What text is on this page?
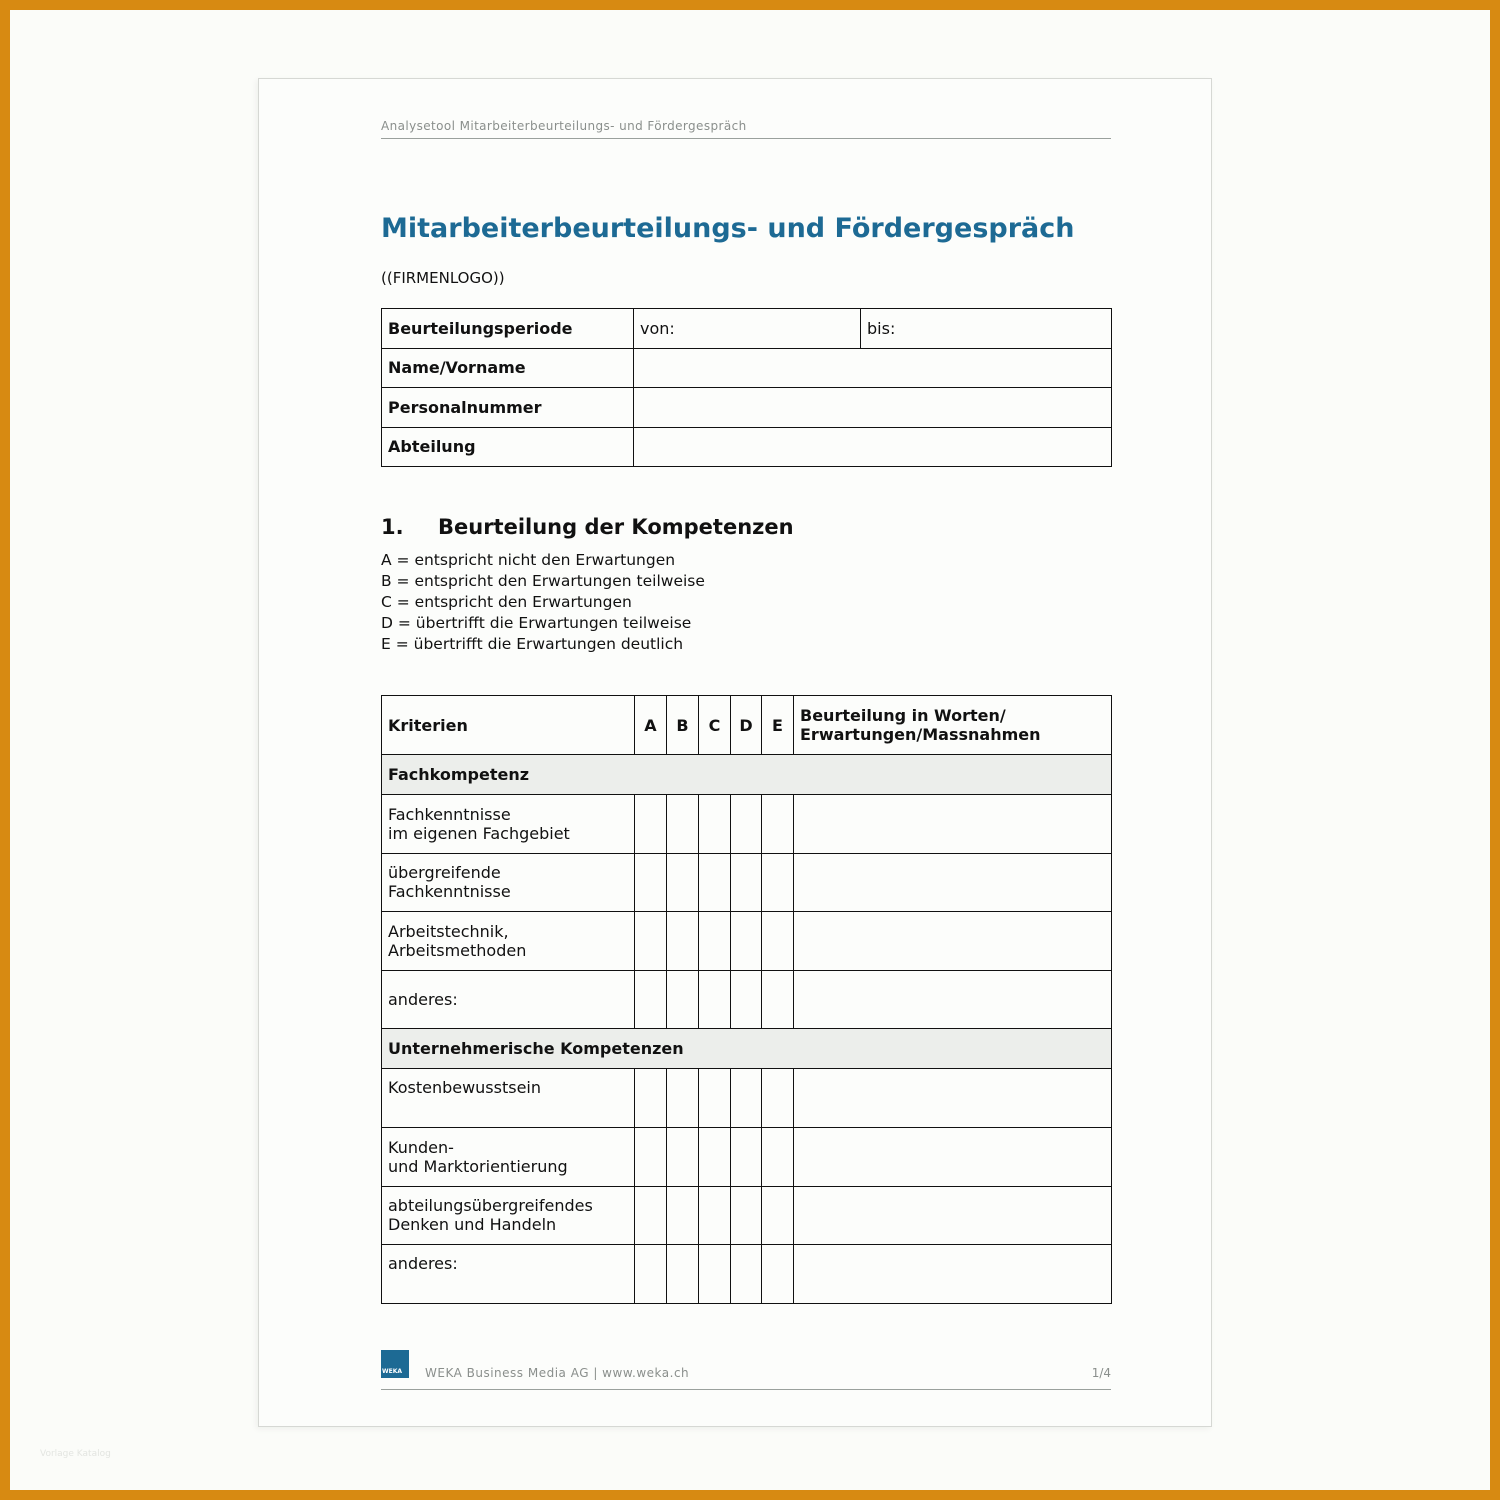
Analysetool Mitarbeiterbeurteilungs- und Fördergespräch
Mitarbeiterbeurteilungs- und Fördergespräch
((FIRMENLOGO))
Beurteilungsperiode	von:	bis:
Name/Vorname		
Personalnummer		
Abteilung		
1. Beurteilung der Kompetenzen
A = entspricht nicht den Erwartungen
B = entspricht den Erwartungen teilweise
C = entspricht den Erwartungen
D = übertrifft die Erwartungen teilweise
E = übertrifft die Erwartungen deutlich
Kriterien	A	B	C	D	E	Beurteilung in Worten/
Erwartungen/Massnahmen

Fachkompetenz						

Fachkenntnisse
im eigenen Fachgebiet						

übergreifende
Fachkenntnisse						

Arbeitstechnik,
Arbeitsmethoden						

anderes:						

Unternehmerische Kompetenzen						

Kostenbewusstsein						

Kunden-
und Marktorientierung						

abteilungsübergreifendes
Denken und Handeln						

anderes:						

WEKA WEKA Business Media AG | www.weka.ch	1/4
Vorlage Katalog
